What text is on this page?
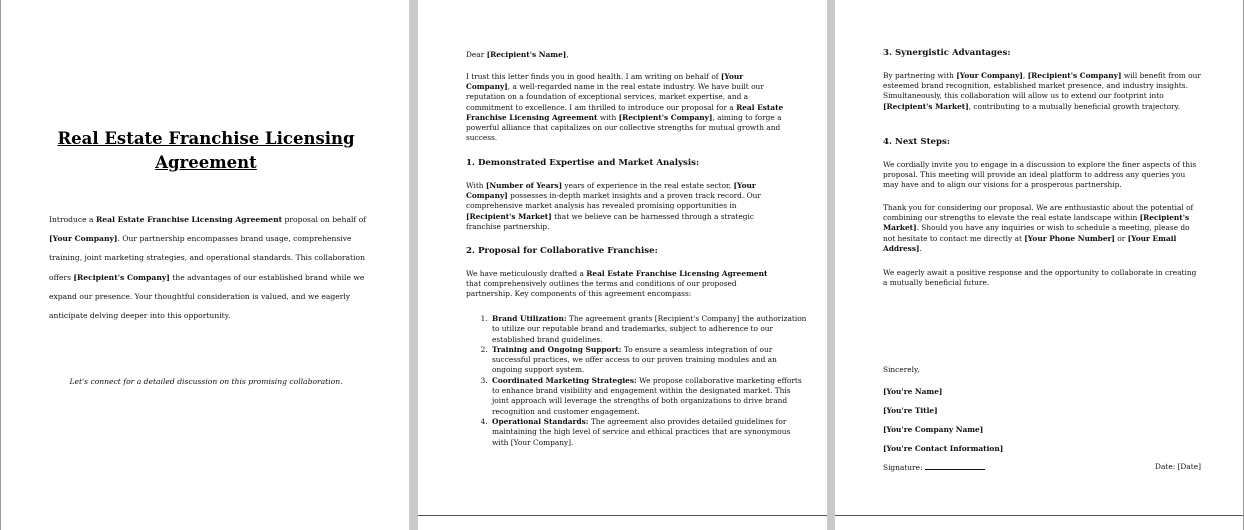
Real Estate Franchise Licensing
Agreement

Introduce a Real Estate Franchise Licensing Agreement proposal on behalf of [Your Company]. Our partnership encompasses brand usage, comprehensive training, joint marketing strategies, and operational standards. This collaboration offers [Recipient's Company] the advantages of our established brand while we expand our presence. Your thoughtful consideration is valued, and we eagerly anticipate delving deeper into this opportunity.

Let's connect for a detailed discussion on this promising collaboration.

Dear [Recipient's Name],

I trust this letter finds you in good health. I am writing on behalf of [Your Company], a well-regarded name in the real estate industry. We have built our reputation on a foundation of exceptional services, market expertise, and a commitment to excellence. I am thrilled to introduce our proposal for a Real Estate Franchise Licensing Agreement with [Recipient's Company], aiming to forge a powerful alliance that capitalizes on our collective strengths for mutual growth and success.

1. Demonstrated Expertise and Market Analysis:

With [Number of Years] years of experience in the real estate sector, [Your Company] possesses in-depth market insights and a proven track record. Our comprehensive market analysis has revealed promising opportunities in [Recipient's Market] that we believe can be harnessed through a strategic franchise partnership.

2. Proposal for Collaborative Franchise:

We have meticulously drafted a Real Estate Franchise Licensing Agreement that comprehensively outlines the terms and conditions of our proposed partnership. Key components of this agreement encompass:

1. Brand Utilization: The agreement grants [Recipient's Company] the authorization to utilize our reputable brand and trademarks, subject to adherence to our established brand guidelines.
2. Training and Ongoing Support: To ensure a seamless integration of our successful practices, we offer access to our proven training modules and an ongoing support system.
3. Coordinated Marketing Strategies: We propose collaborative marketing efforts to enhance brand visibility and engagement within the designated market. This joint approach will leverage the strengths of both organizations to drive brand recognition and customer engagement.
4. Operational Standards: The agreement also provides detailed guidelines for maintaining the high level of service and ethical practices that are synonymous with [Your Company].

3. Synergistic Advantages:

By partnering with [Your Company], [Recipient's Company] will benefit from our esteemed brand recognition, established market presence, and industry insights. Simultaneously, this collaboration will allow us to extend our footprint into [Recipient's Market], contributing to a mutually beneficial growth trajectory.

4. Next Steps:

We cordially invite you to engage in a discussion to explore the finer aspects of this proposal. This meeting will provide an ideal platform to address any queries you may have and to align our visions for a prosperous partnership.

Thank you for considering our proposal. We are enthusiastic about the potential of combining our strengths to elevate the real estate landscape within [Recipient's Market]. Should you have any inquiries or wish to schedule a meeting, please do not hesitate to contact me directly at [Your Phone Number] or [Your Email Address].

We eagerly await a positive response and the opportunity to collaborate in creating a mutually beneficial future.

Sincerely,

[You're Name]

[You're Title]

[You're Company Name]

[You're Contact Information]

Signature:	Date: [Date]
